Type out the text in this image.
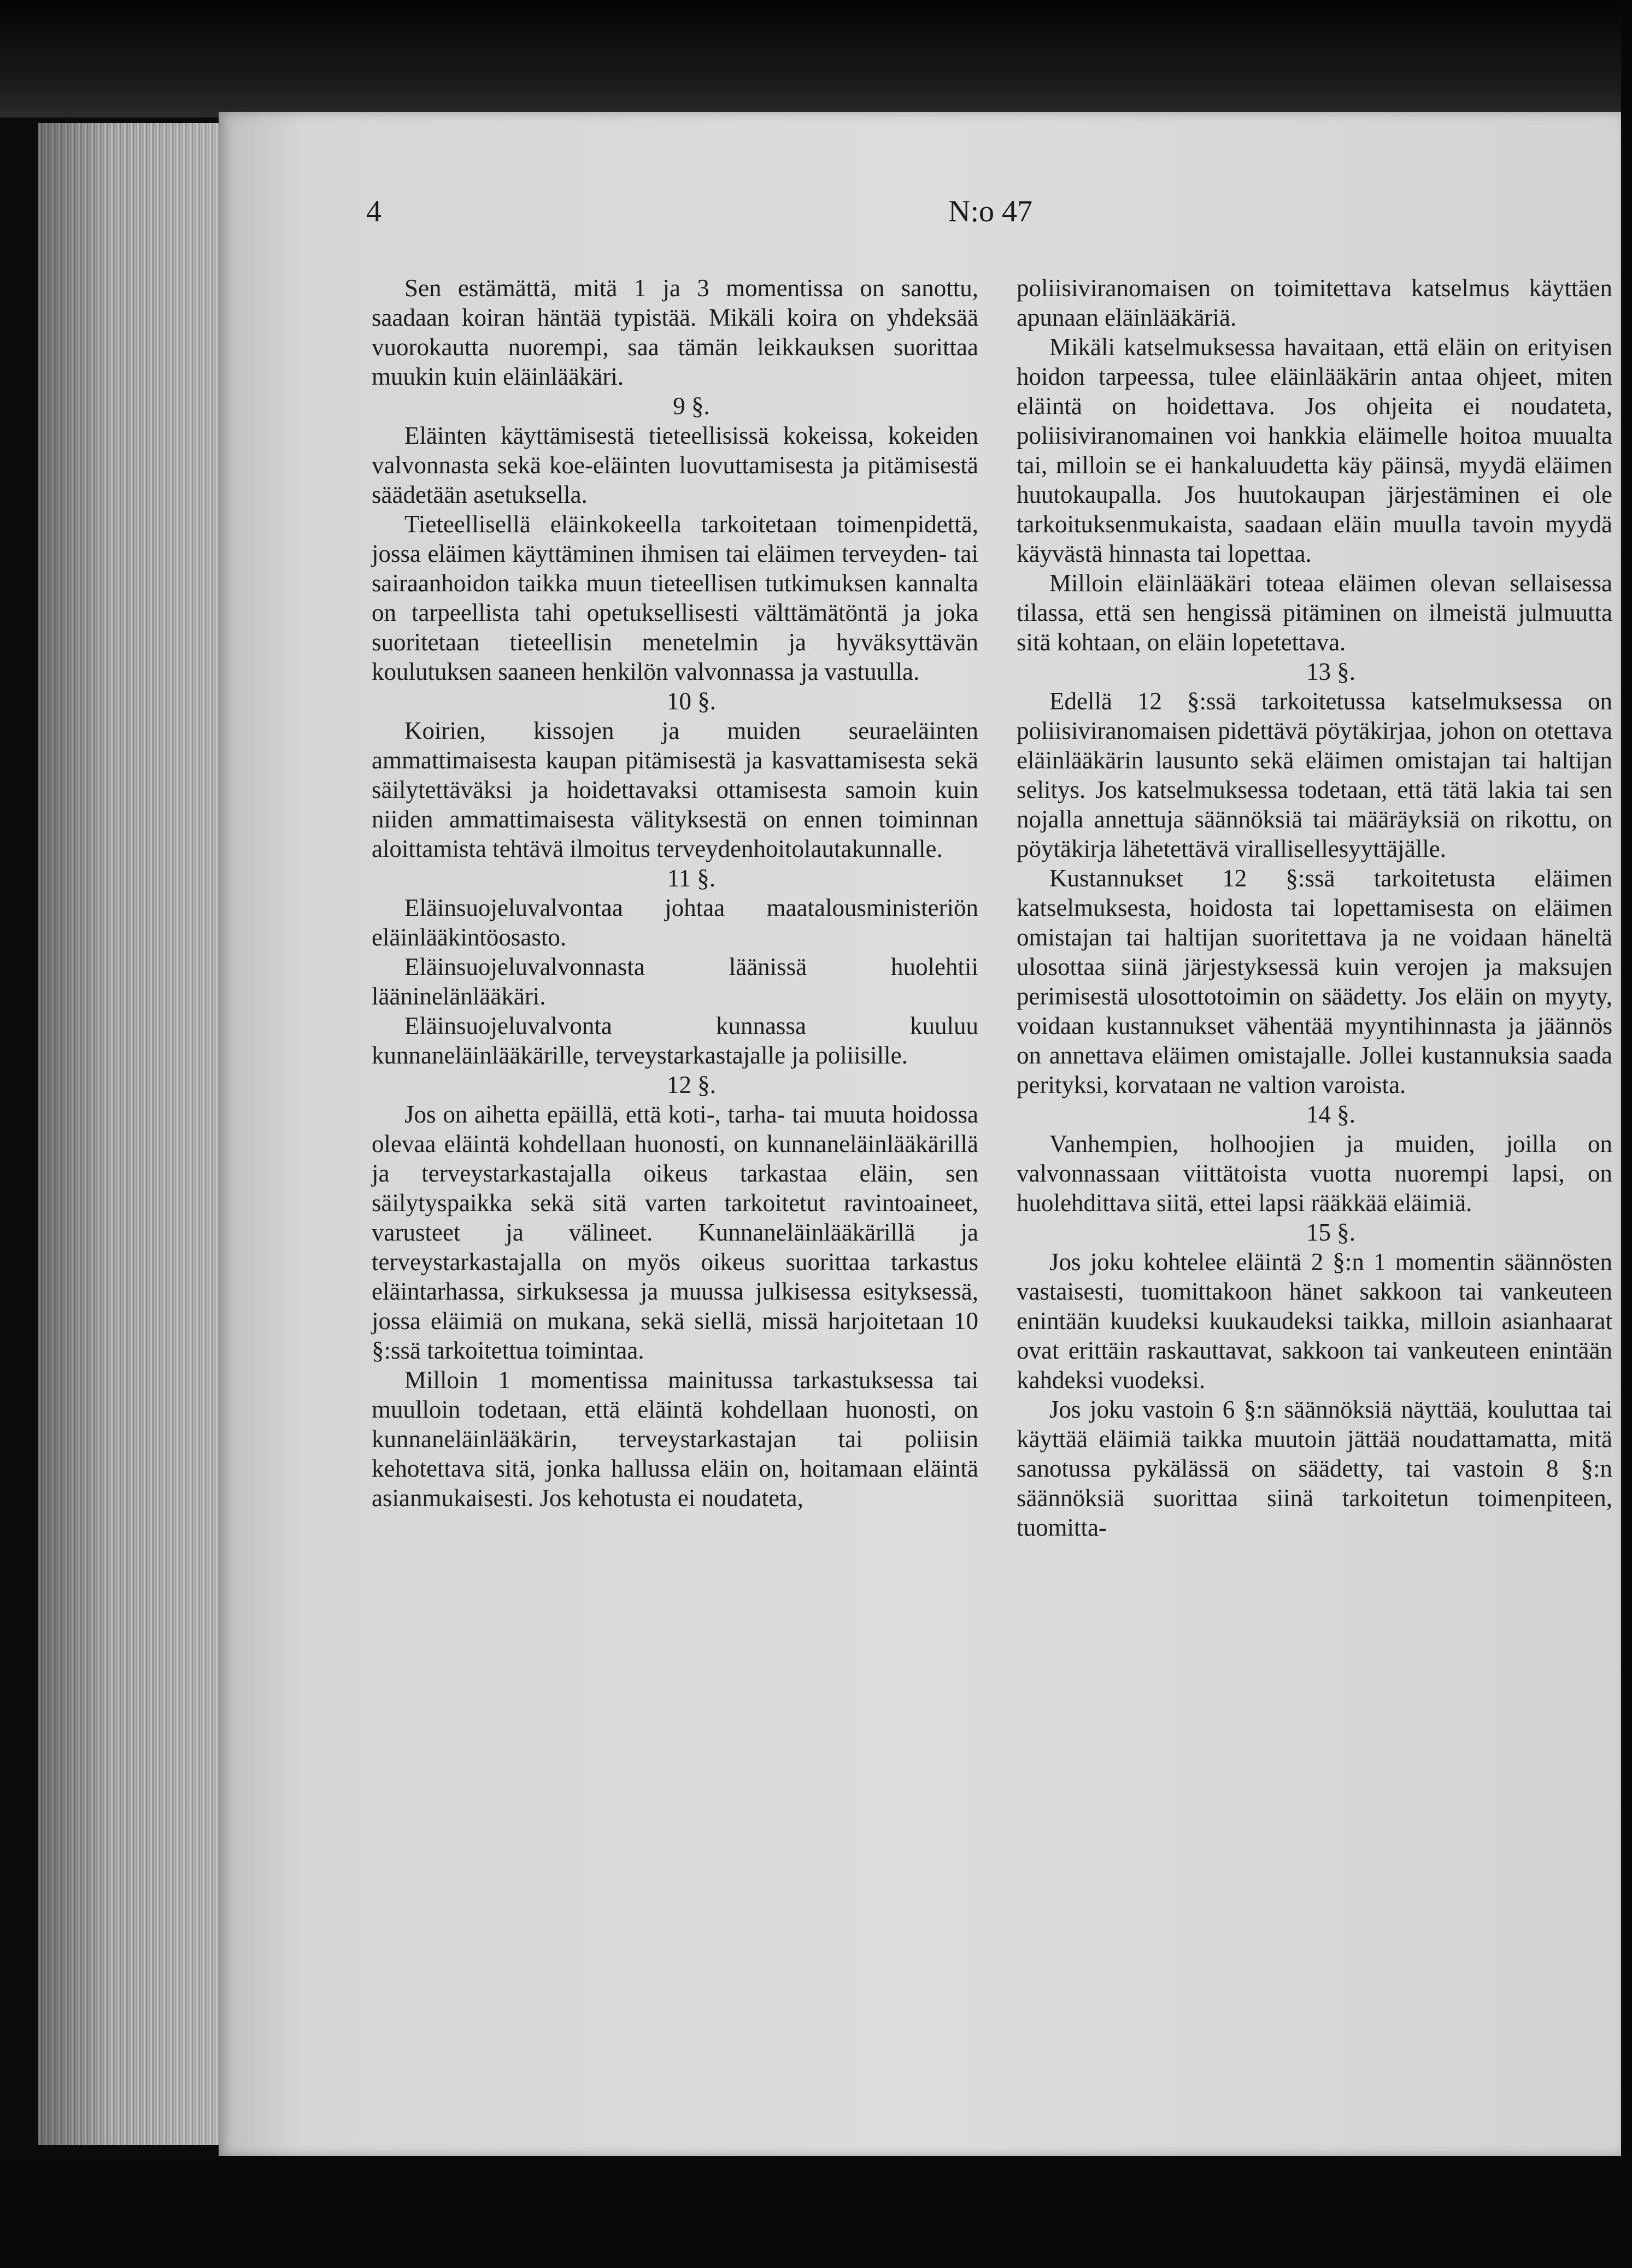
4	N:o 47

Sen estämättä, mitä 1 ja 3 momentissa on sanottu, saadaan koiran häntää typistää. Mikäli koira on yhdeksää vuorokautta nuorempi, saa tämän leikkauksen suorittaa muukin kuin eläinlääkäri.

9 §.

Eläinten käyttämisestä tieteellisissä kokeissa, kokeiden valvonnasta sekä koe-eläinten luovuttamisesta ja pitämisestä säädetään asetuksella.

Tieteellisellä eläinkokeella tarkoitetaan toimenpidettä, jossa eläimen käyttäminen ihmisen tai eläimen terveyden- tai sairaanhoidon taikka muun tieteellisen tutkimuksen kannalta on tarpeellista tahi opetuksellisesti välttämätöntä ja joka suoritetaan tieteellisin menetelmin ja hyväksyttävän koulutuksen saaneen henkilön valvonnassa ja vastuulla.

10 §.

Koirien, kissojen ja muiden seuraeläinten ammattimaisesta kaupan pitämisestä ja kasvattamisesta sekä säilytettäväksi ja hoidettavaksi ottamisesta samoin kuin niiden ammattimaisesta välityksestä on ennen toiminnan aloittamista tehtävä ilmoitus terveydenhoitolautakunnalle.

11 §.

Eläinsuojeluvalvontaa johtaa maatalousministeriön eläinlääkintöosasto.

Eläinsuojeluvalvonnasta läänissä huolehtii lääninelänlääkäri.

Eläinsuojeluvalvonta kunnassa kuuluu kunnaneläinlääkärille, terveystarkastajalle ja poliisille.

12 §.

Jos on aihetta epäillä, että koti-, tarha- tai muuta hoidossa olevaa eläintä kohdellaan huonosti, on kunnaneläinlääkärillä ja terveystarkastajalla oikeus tarkastaa eläin, sen säilytyspaikka sekä sitä varten tarkoitetut ravintoaineet, varusteet ja välineet. Kunnaneläinlääkärillä ja terveystarkastajalla on myös oikeus suorittaa tarkastus eläintarhassa, sirkuksessa ja muussa julkisessa esityksessä, jossa eläimiä on mukana, sekä siellä, missä harjoitetaan 10 §:ssä tarkoitettua toimintaa.

Milloin 1 momentissa mainitussa tarkastuksessa tai muulloin todetaan, että eläintä kohdellaan huonosti, on kunnaneläinlääkärin, terveystarkastajan tai poliisin kehotettava sitä, jonka hallussa eläin on, hoitamaan eläintä asianmukaisesti. Jos kehotusta ei noudateta,

poliisiviranomaisen on toimitettava katselmus käyttäen apunaan eläinlääkäriä.

Mikäli katselmuksessa havaitaan, että eläin on erityisen hoidon tarpeessa, tulee eläinlääkärin antaa ohjeet, miten eläintä on hoidettava. Jos ohjeita ei noudateta, poliisiviranomainen voi hankkia eläimelle hoitoa muualta tai, milloin se ei hankaluudetta käy päinsä, myydä eläimen huutokaupalla. Jos huutokaupan järjestäminen ei ole tarkoituksenmukaista, saadaan eläin muulla tavoin myydä käyvästä hinnasta tai lopettaa.

Milloin eläinlääkäri toteaa eläimen olevan sellaisessa tilassa, että sen hengissä pitäminen on ilmeistä julmuutta sitä kohtaan, on eläin lopetettava.

13 §.

Edellä 12 §:ssä tarkoitetussa katselmuksessa on poliisiviranomaisen pidettävä pöytäkirjaa, johon on otettava eläinlääkärin lausunto sekä eläimen omistajan tai haltijan selitys. Jos katselmuksessa todetaan, että tätä lakia tai sen nojalla annettuja säännöksiä tai määräyksiä on rikottu, on pöytäkirja lähetettävä virallisellesyyttäjälle.

Kustannukset 12 §:ssä tarkoitetusta eläimen katselmuksesta, hoidosta tai lopettamisesta on eläimen omistajan tai haltijan suoritettava ja ne voidaan häneltä ulosottaa siinä järjestyksessä kuin verojen ja maksujen perimisestä ulosottotoimin on säädetty. Jos eläin on myyty, voidaan kustannukset vähentää myyntihinnasta ja jäännös on annettava eläimen omistajalle. Jollei kustannuksia saada perityksi, korvataan ne valtion varoista.

14 §.

Vanhempien, holhoojien ja muiden, joilla on valvonnassaan viittätoista vuotta nuorempi lapsi, on huolehdittava siitä, ettei lapsi rääkkää eläimiä.

15 §.

Jos joku kohtelee eläintä 2 §:n 1 momentin säännösten vastaisesti, tuomittakoon hänet sakkoon tai vankeuteen enintään kuudeksi kuukaudeksi taikka, milloin asianhaarat ovat erittäin raskauttavat, sakkoon tai vankeuteen enintään kahdeksi vuodeksi.

Jos joku vastoin 6 §:n säännöksiä näyttää, kouluttaa tai käyttää eläimiä taikka muutoin jättää noudattamatta, mitä sanotussa pykälässä on säädetty, tai vastoin 8 §:n säännöksiä suorittaa siinä tarkoitetun toimenpiteen, tuomitta-
